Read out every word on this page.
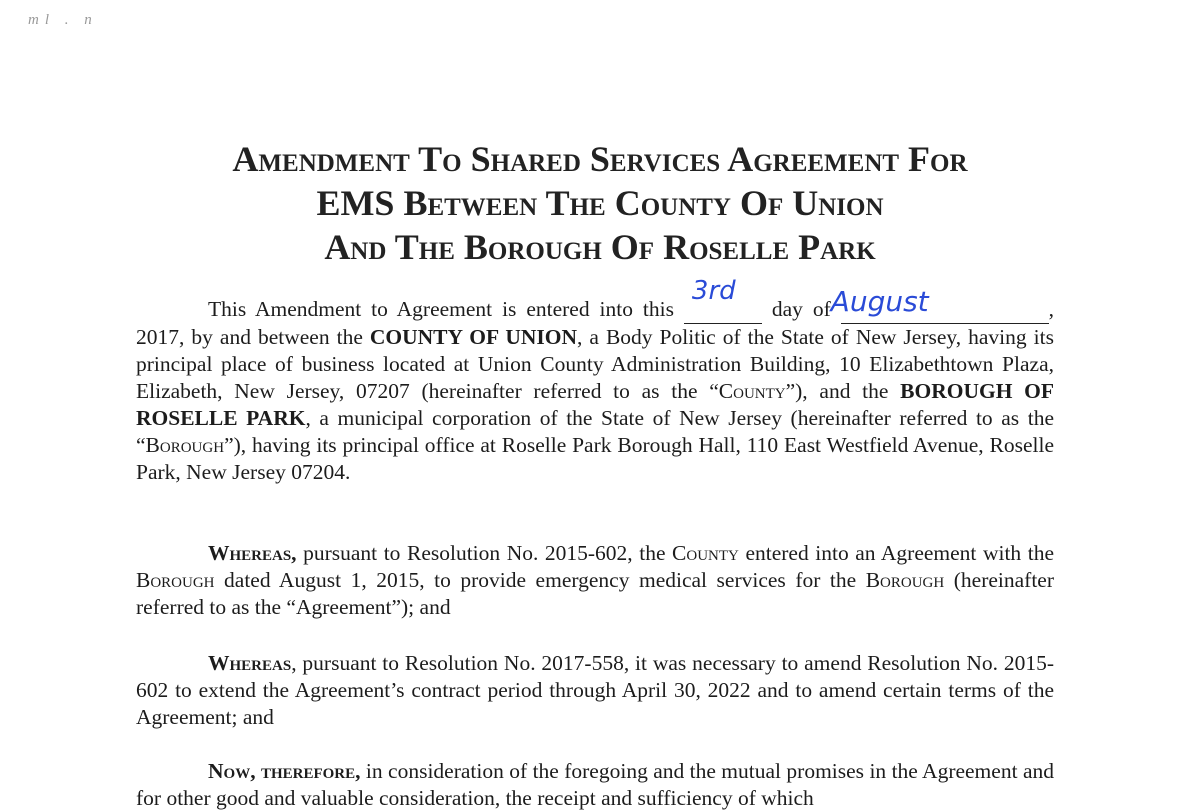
ml . n
Amendment To Shared Services Agreement For
EMS Between The County Of Union
And The Borough Of Roselle Park
This Amendment to Agreement is entered into this
3rd
day of August	, 2017, by and between the COUNTY OF UNION, a Body Politic of the State of New Jersey, having its principal place of business located at Union County Administration Building, 10 Elizabethtown Plaza, Elizabeth, New Jersey, 07207 (hereinafter referred to as the “County”), and the BOROUGH OF ROSELLE PARK, a municipal corporation of the State of New Jersey (hereinafter referred to as the “Borough”), having its principal office at Roselle Park Borough Hall, 110 East Westfield Avenue, Roselle Park, New Jersey 07204.
Whereas, pursuant to Resolution No. 2015-602, the County entered into an Agreement with the Borough dated August 1, 2015, to provide emergency medical services for the Borough (hereinafter referred to as the “Agreement”); and
Whereas, pursuant to Resolution No. 2017-558, it was necessary to amend Resolution No. 2015-602 to extend the Agreement’s contract period through April 30, 2022 and to amend certain terms of the Agreement; and
Now, therefore, in consideration of the foregoing and the mutual promises in the Agreement and for other good and valuable consideration, the receipt and sufficiency of which
